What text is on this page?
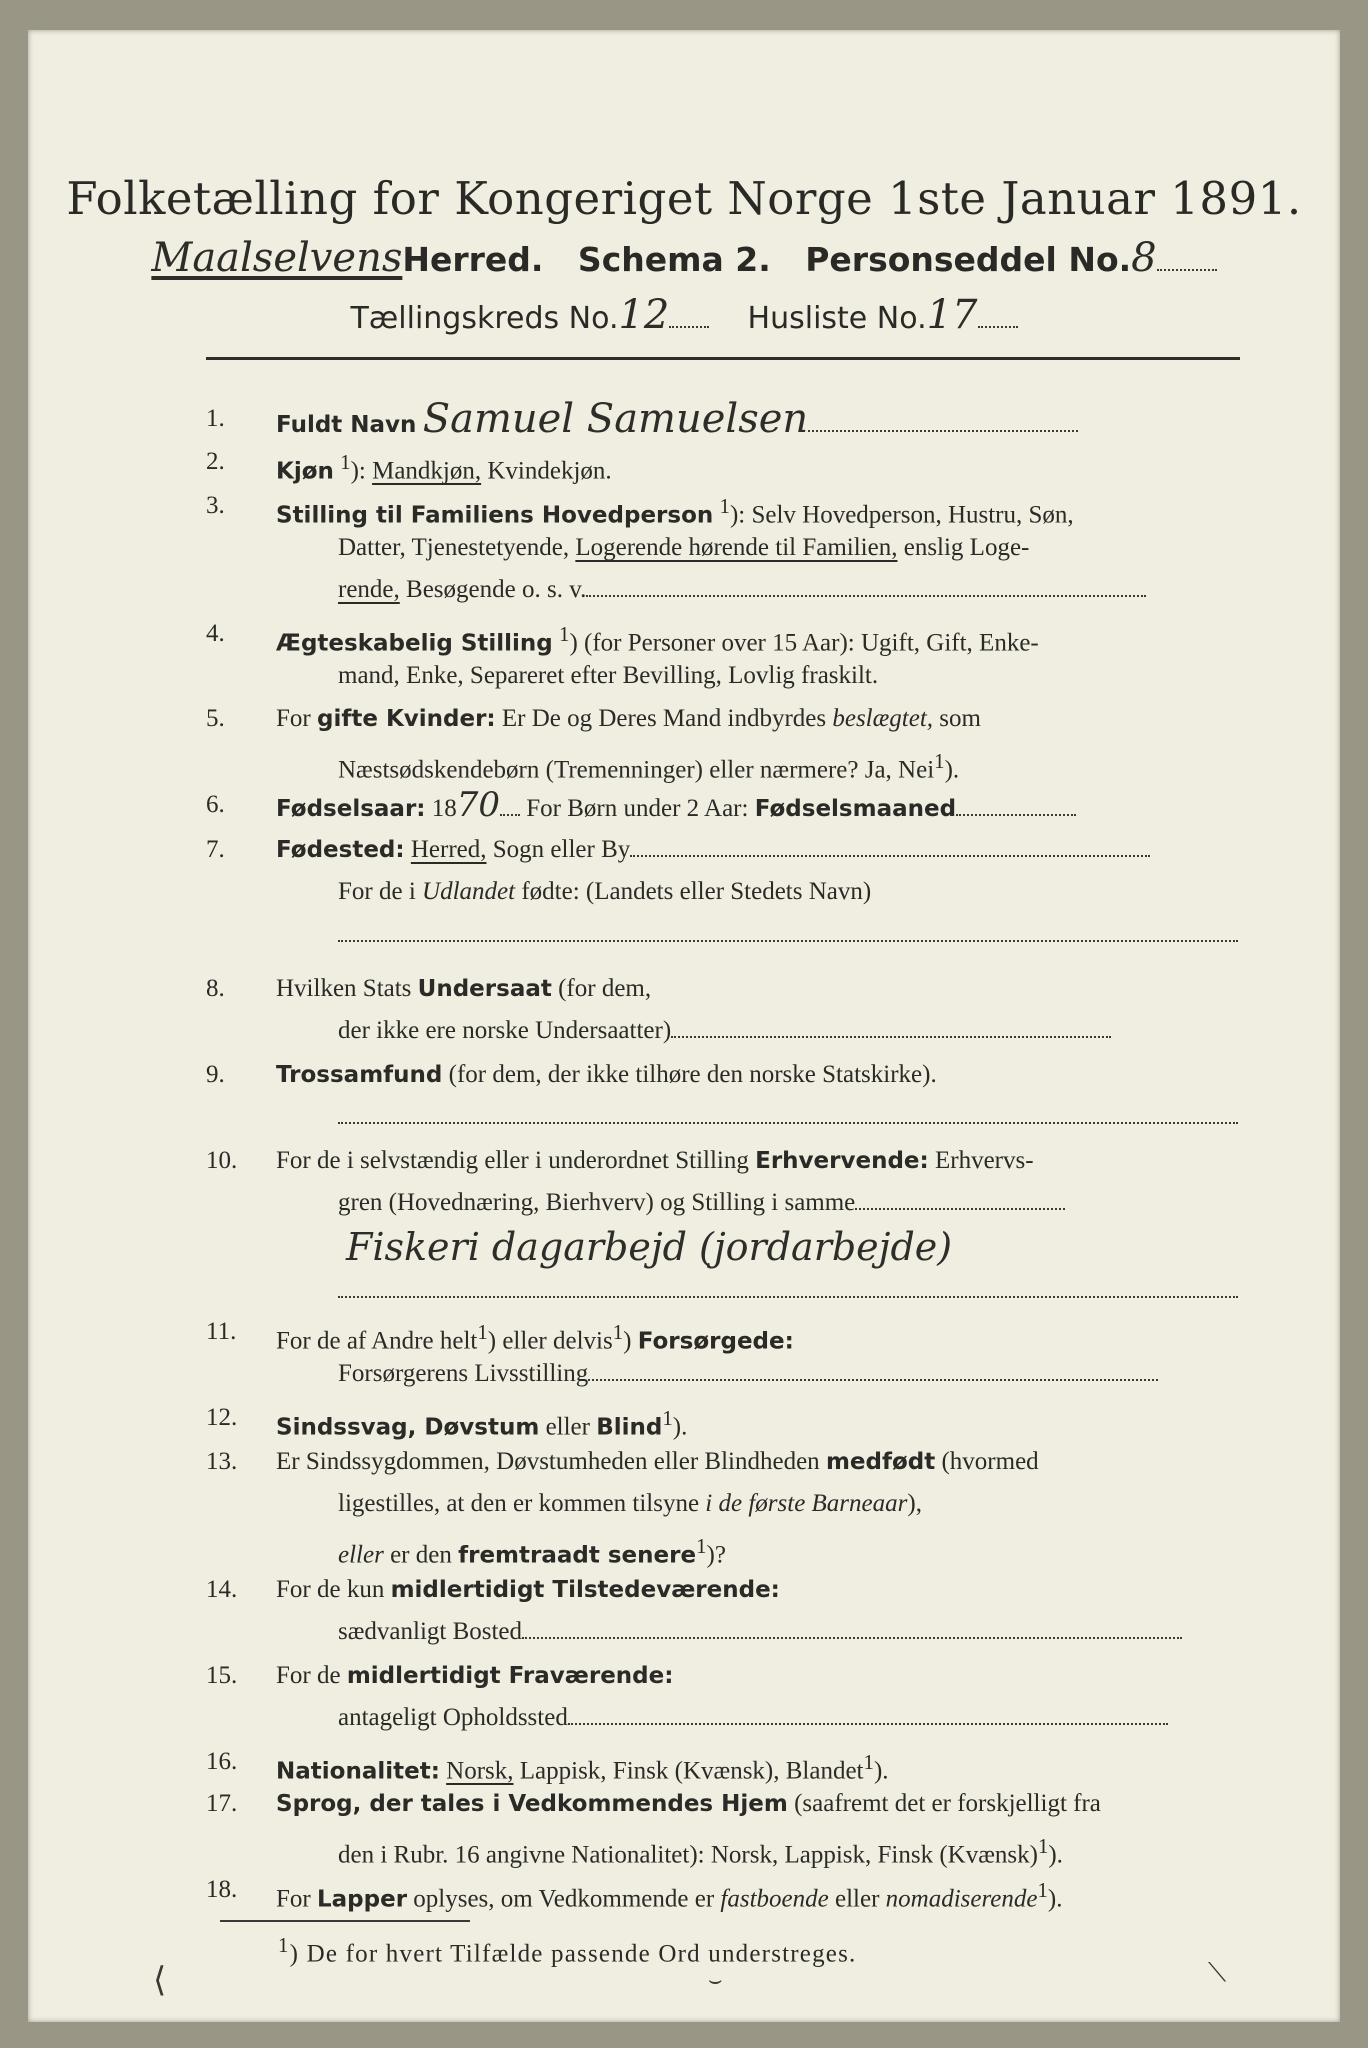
Folketælling for Kongeriget Norge 1ste Januar 1891.
MaalselvensHerred. Schema 2. Personseddel No.8
Tællingskreds No.12	Husliste No.17
1.	Fuldt Navn Samuel Samuelsen
2.	Kjøn $^1$): Mandkjøn, Kvindekjøn.
3.	Stilling til Familiens Hovedperson $^1$): Selv Hovedperson, Hustru, Søn,
Datter, Tjenestetyende, Logerende hørende til Familien, enslig Loge-
rende, Besøgende o. s. v.
4.	Ægteskabelig Stilling $^1$) (for Personer over 15 Aar): Ugift, Gift, Enke-
mand, Enke, Separeret efter Bevilling, Lovlig fraskilt.
5.	For gifte Kvinder: Er De og Deres Mand indbyrdes beslægtet, som
Næstsødskendebørn (Tremenninger) eller nærmere? Ja, Nei$^1$).
6.	Fødselsaar: 1870 For Børn under 2 Aar: Fødselsmaaned
7.	Fødested: Herred, Sogn eller By
For de i Udlandet fødte: (Landets eller Stedets Navn)
8.	Hvilken Stats Undersaat (for dem,
der ikke ere norske Undersaatter)
9.	Trossamfund (for dem, der ikke tilhøre den norske Statskirke).
10.	For de i selvstændig eller i underordnet Stilling Erhvervende: Erhvervs-
gren (Hovednæring, Bierhverv) og Stilling i samme
Fiskeri dagarbejd (jordarbejde)
11.	For de af Andre helt$^1$) eller delvis$^1$) Forsørgede:
Forsørgerens Livsstilling
12.	Sindssvag, Døvstum eller Blind$^1$).
13.	Er Sindssygdommen, Døvstumheden eller Blindheden medfødt (hvormed
ligestilles, at den er kommen tilsyne i de første Barneaar),
eller er den fremtraadt senere$^1$)?
14.	For de kun midlertidigt Tilstedeværende:
sædvanligt Bosted
15.	For de midlertidigt Fraværende:
antageligt Opholdssted
16.	Nationalitet: Norsk, Lappisk, Finsk (Kvænsk), Blandet$^1$).
17.	Sprog, der tales i Vedkommendes Hjem (saafremt det er forskjelligt fra
den i Rubr. 16 angivne Nationalitet): Norsk, Lappisk, Finsk (Kvænsk)$^1$).
18.	For Lapper oplyses, om Vedkommende er fastboende eller nomadiserende$^1$).
$^1$) De for hvert Tilfælde passende Ord understreges.
⟨	⌣	⟍
